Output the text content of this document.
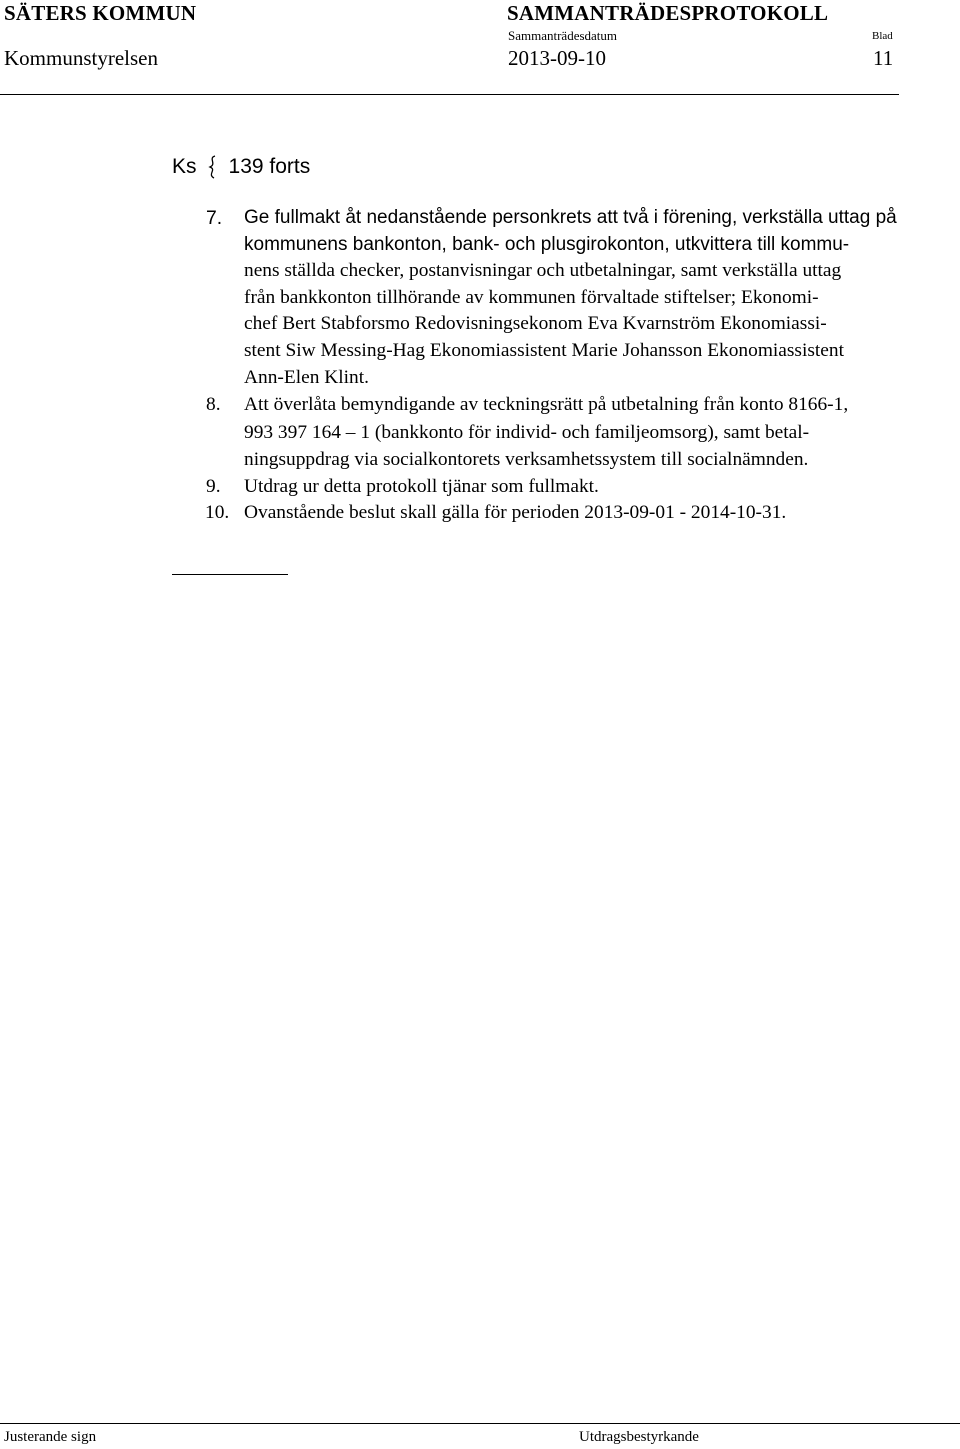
SÄTERS KOMMUN
Kommunstyrelsen
SAMMANTRÄDESPROTOKOLL
Sammanträdesdatum
2013-09-10
Blad
11
Ks 139 forts
7. Ge fullmakt åt nedanstående personkrets att två i förening, verkställa uttag på
kommunens bankonton, bank- och plusgirokonton, utkvittera till kommu-
nens ställda checker, postanvisningar och utbetalningar, samt verkställa uttag
från bankkonton tillhörande av kommunen förvaltade stiftelser; Ekonomi-
chef Bert Stabforsmo Redovisningsekonom Eva Kvarnström Ekonomiassi-
stent Siw Messing-Hag Ekonomiassistent Marie Johansson Ekonomiassistent
Ann-Elen Klint.
8. Att överlåta bemyndigande av teckningsrätt på utbetalning från konto 8166-1,
993 397 164 – 1 (bankkonto för individ- och familjeomsorg), samt betal-
ningsuppdrag via socialkontorets verksamhetssystem till socialnämnden.
9. Utdrag ur detta protokoll tjänar som fullmakt.
10. Ovanstående beslut skall gälla för perioden 2013-09-01 - 2014-10-31.
Justerande sign	Utdragsbestyrkande
